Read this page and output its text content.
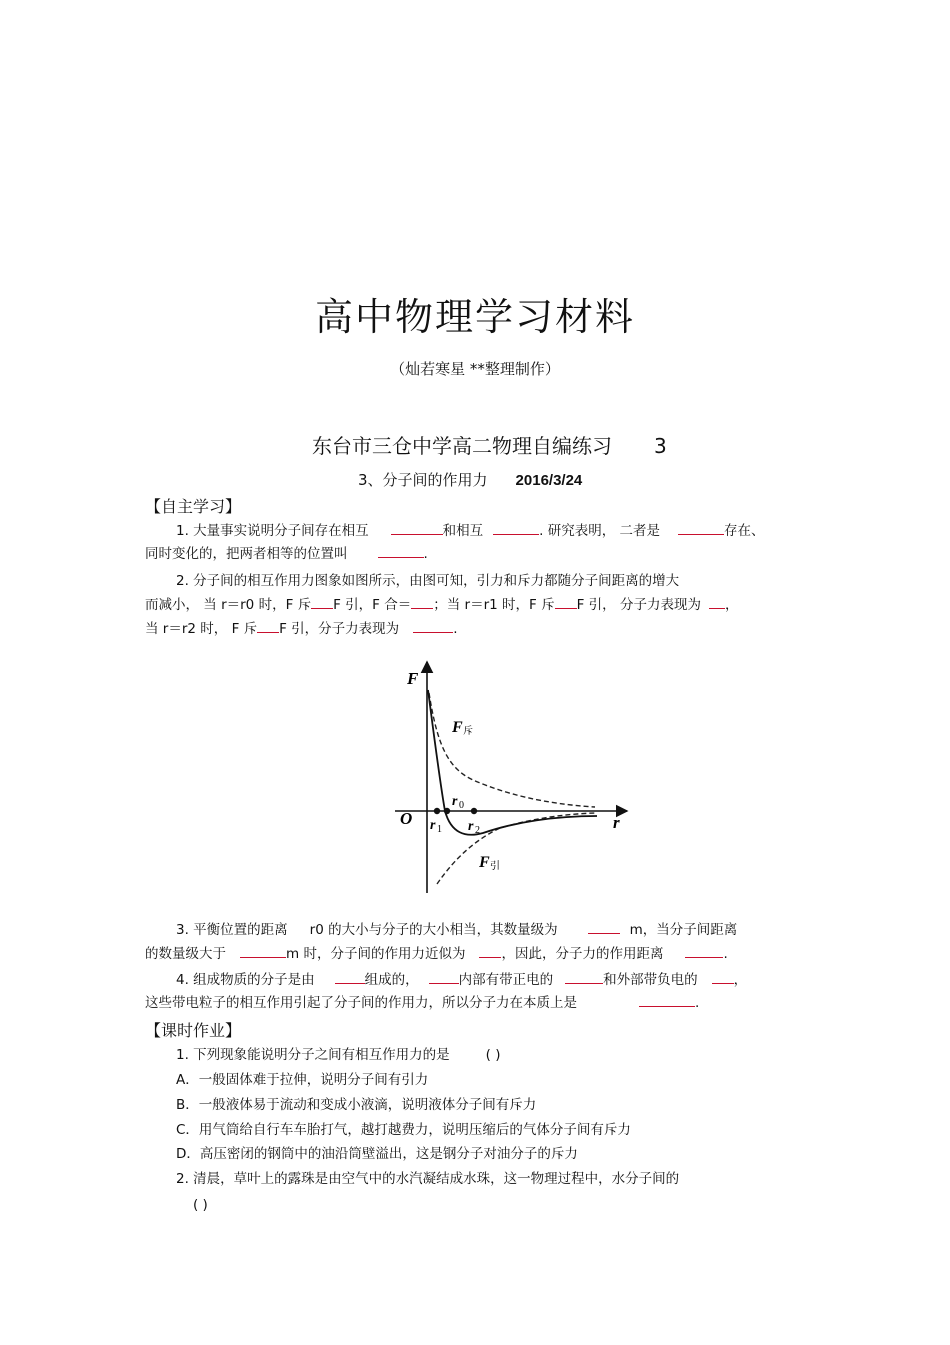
高中物理学习材料
（灿若寒星 **整理制作）
东台市三仓中学高二物理自编练习 3
3、分子间的作用力 2016/3/24
【自主学习】
1. 大量事实说明分子间存在相互	和相互	. 研究表明， 二者是	存在、
同时变化的，把两者相等的位置叫	.
2. 分子间的相互作用力图象如图所示，由图可知，引力和斥力都随分子间距离的增大
而减小， 当 r＝r0 时，F 斥 F 引，F 合＝ ；当 r＝r1 时，F 斥 F 引， 分子力表现为 ，
当 r＝r2 时， F 斥 F 引，分子力表现为	.
F
F 斥
F 引
O	r
r 0
r 1 r 2
3. 平衡位置的距离 r0 的大小与分子的大小相当，其数量级为	m，当分子间距离
的数量级大于	m 时，分子间的作用力近似为	，因此，分子力的作用距离	.
4. 组成物质的分子是由	组成的，	内部有带正电的	和外部带负电的	，
这些带电粒子的相互作用引起了分子间的作用力，所以分子力在本质上是	.
【课时作业】
1. 下列现象能说明分子之间有相互作用力的是	( )
A．一般固体难于拉伸，说明分子间有引力
B．一般液体易于流动和变成小液滴，说明液体分子间有斥力
C．用气筒给自行车车胎打气，越打越费力，说明压缩后的气体分子间有斥力
D．高压密闭的钢筒中的油沿筒壁溢出，这是钢分子对油分子的斥力
2. 清晨，草叶上的露珠是由空气中的水汽凝结成水珠，这一物理过程中，水分子间的
( )
